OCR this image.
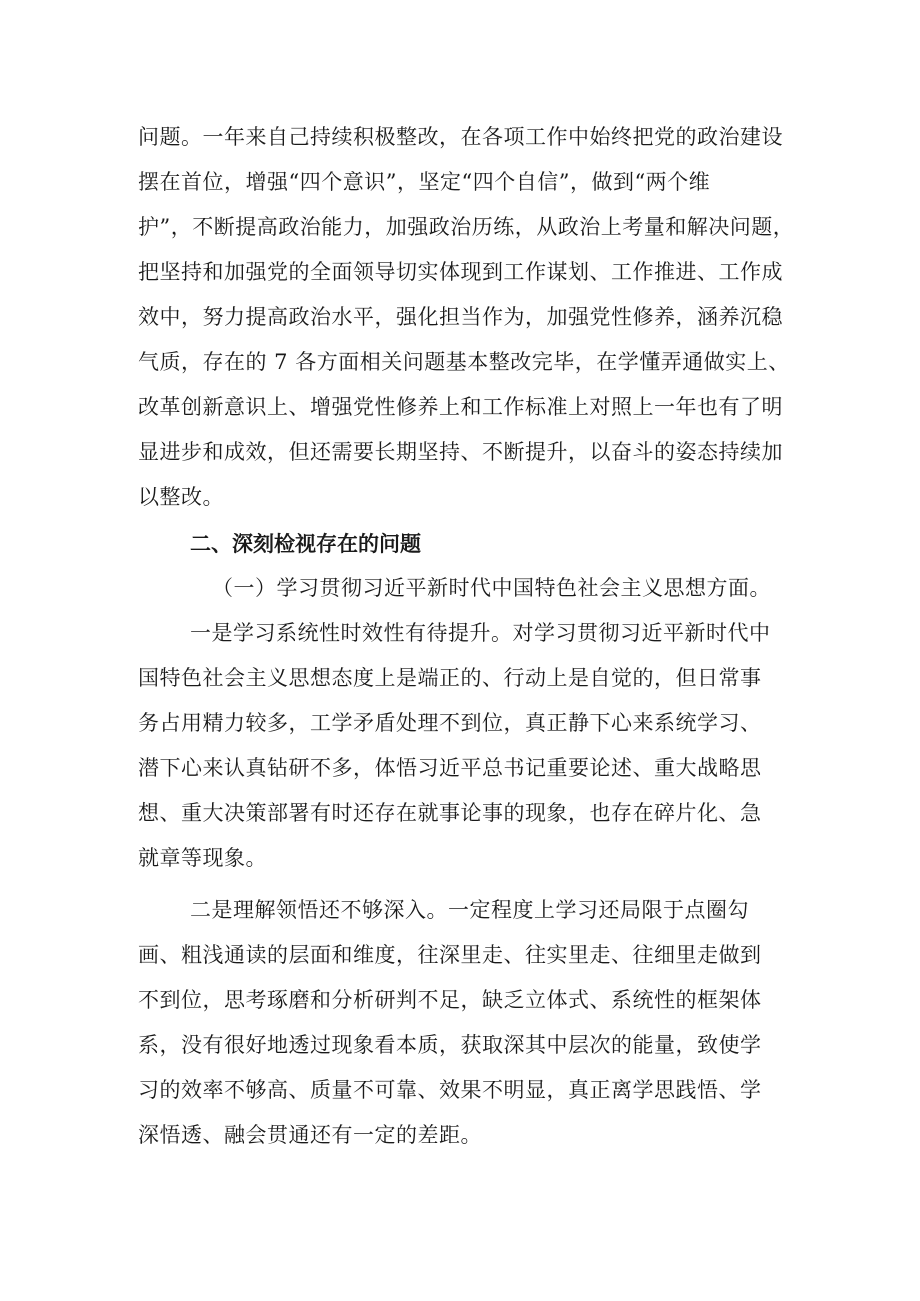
问题。一年来自己持续积极整改，在各项工作中始终把党的政治建设
摆在首位，增强“四个意识”，坚定“四个自信”，做到“两个维
护”，不断提高政治能力，加强政治历练，从政治上考量和解决问题，
把坚持和加强党的全面领导切实体现到工作谋划、工作推进、工作成
效中，努力提高政治水平，强化担当作为，加强党性修养，涵养沉稳
气质，存在的 7 各方面相关问题基本整改完毕，在学懂弄通做实上、
改革创新意识上、增强党性修养上和工作标准上对照上一年也有了明
显进步和成效，但还需要长期坚持、不断提升，以奋斗的姿态持续加
以整改。
二、深刻检视存在的问题
（一）学习贯彻习近平新时代中国特色社会主义思想方面。
一是学习系统性时效性有待提升。对学习贯彻习近平新时代中
国特色社会主义思想态度上是端正的、行动上是自觉的，但日常事
务占用精力较多，工学矛盾处理不到位，真正静下心来系统学习、
潜下心来认真钻研不多，体悟习近平总书记重要论述、重大战略思
想、重大决策部署有时还存在就事论事的现象，也存在碎片化、急
就章等现象。
二是理解领悟还不够深入。一定程度上学习还局限于点圈勾
画、粗浅通读的层面和维度，往深里走、往实里走、往细里走做到
不到位，思考琢磨和分析研判不足，缺乏立体式、系统性的框架体
系，没有很好地透过现象看本质，获取深其中层次的能量，致使学
习的效率不够高、质量不可靠、效果不明显，真正离学思践悟、学
深悟透、融会贯通还有一定的差距。
